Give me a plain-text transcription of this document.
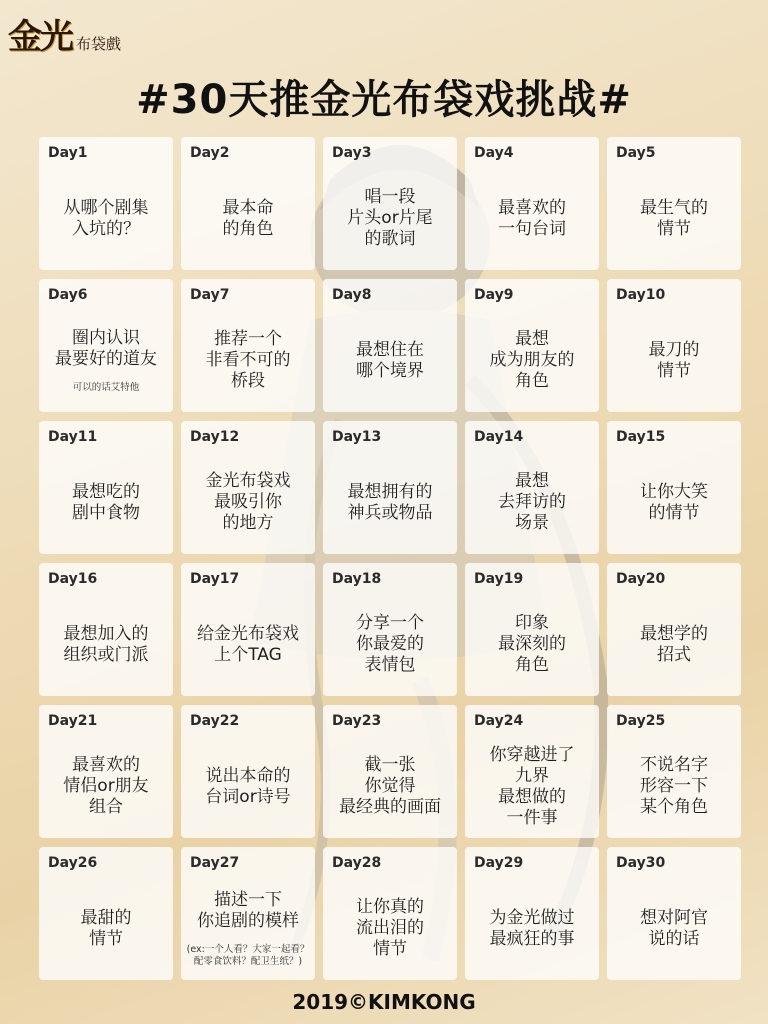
金光 布袋戲
#30天推金光布袋戏挑战#
Day1
从哪个剧集
入坑的？
Day2
最本命
的角色
Day3
唱一段
片头or片尾
的歌词
Day4
最喜欢的
一句台词
Day5
最生气的
情节
Day6
圈内认识
最要好的道友
可以的话艾特他
Day7
推荐一个
非看不可的
桥段
Day8
最想住在
哪个境界
Day9
最想
成为朋友的
角色
Day10
最刀的
情节
Day11
最想吃的
剧中食物
Day12
金光布袋戏
最吸引你
的地方
Day13
最想拥有的
神兵或物品
Day14
最想
去拜访的
场景
Day15
让你大笑
的情节
Day16
最想加入的
组织或门派
Day17
给金光布袋戏
上个TAG
Day18
分享一个
你最爱的
表情包
Day19
印象
最深刻的
角色
Day20
最想学的
招式
Day21
最喜欢的
情侣or朋友
组合
Day22
说出本命的
台词or诗号
Day23
截一张
你觉得
最经典的画面
Day24
你穿越进了
九界
最想做的
一件事
Day25
不说名字
形容一下
某个角色
Day26
最甜的
情节
Day27
描述一下
你追剧的模样
(ex:一个人看？大家一起看？
配零食饮料？配卫生纸？)
Day28
让你真的
流出泪的
情节
Day29
为金光做过
最疯狂的事
Day30
想对阿官
说的话
2019©KIMKONG
